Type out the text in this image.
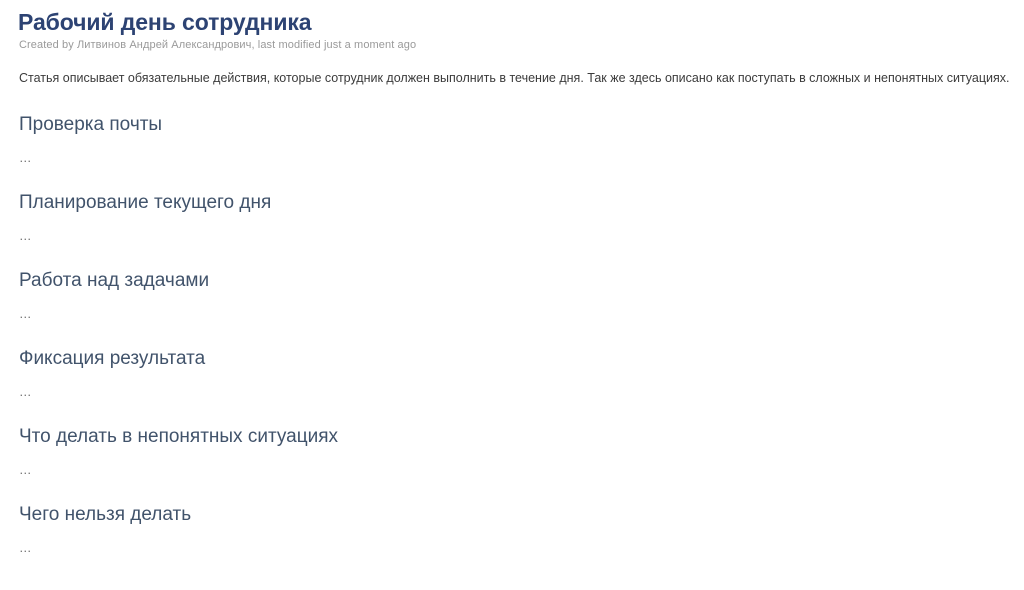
Рабочий день сотрудника
Created by Литвинов Андрей Александрович, last modified just a moment ago

Статья описывает обязательные действия, которые сотрудник должен выполнить в течение дня. Так же здесь описано как поступать в сложных и непонятных ситуациях.

Проверка почты

…

Планирование текущего дня

…

Работа над задачами

…

Фиксация результата

…

Что делать в непонятных ситуациях

…

Чего нельзя делать

…
